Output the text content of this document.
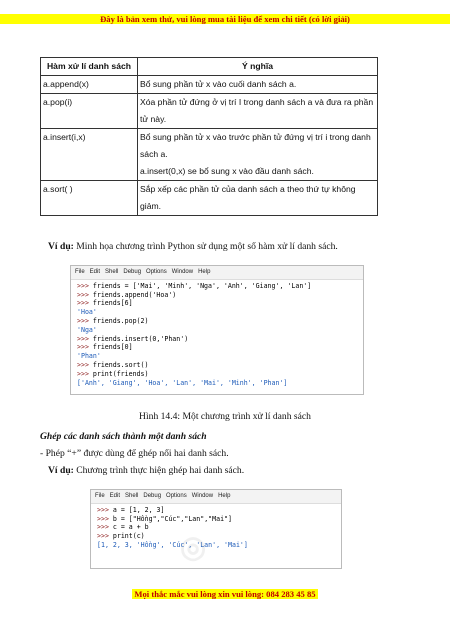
Đây là bản xem thử, vui lòng mua tài liệu để xem chi tiết (có lời giải)
Hàm xử lí danh sách	Ý nghĩa
a.append(x)	Bổ sung phần tử x vào cuối danh sách a.
a.pop(i)	Xóa phần tử đứng ở vị trí I trong danh sách a và đưa ra phần tử này.
a.insert(i,x)	Bổ sung phần tử x vào trước phần tử đứng vị trí i trong danh sách a.
a.insert(0,x) se bổ sung x vào đầu danh sách.

a.sort( )	Sắp xếp các phần tử của danh sách a theo thứ tự không giảm.
Ví dụ: Minh họa chương trình Python sử dụng một số hàm xử lí danh sách.
File Edit Shell Debug Options Window Help
>>> friends = ['Mai', 'Minh', 'Nga', 'Anh', 'Giang', 'Lan']
>>> friends.append('Hoa')
>>> friends[6]
'Hoa'
>>> friends.pop(2)
'Nga'
>>> friends.insert(0,'Phan')
>>> friends[0]
'Phan'
>>> friends.sort()
>>> print(friends)
['Anh', 'Giang', 'Hoa', 'Lan', 'Mai', 'Minh', 'Phan']
Hình 14.4: Một chương trình xử lí danh sách
Ghép các danh sách thành một danh sách
- Phép “+” được dùng để ghép nối hai danh sách.
Ví dụ: Chương trình thực hiện ghép hai danh sách.
File Edit Shell Debug Options Window Help
>>> a = [1, 2, 3]
>>> b = ["Hồng","Cúc","Lan","Mai"]
>>> c = a + b
>>> print(c)
[1, 2, 3, 'Hồng', 'Cúc', 'Lan', 'Mai']
◎
Mọi thắc mắc vui lòng xin vui lòng: 084 283 45 85
